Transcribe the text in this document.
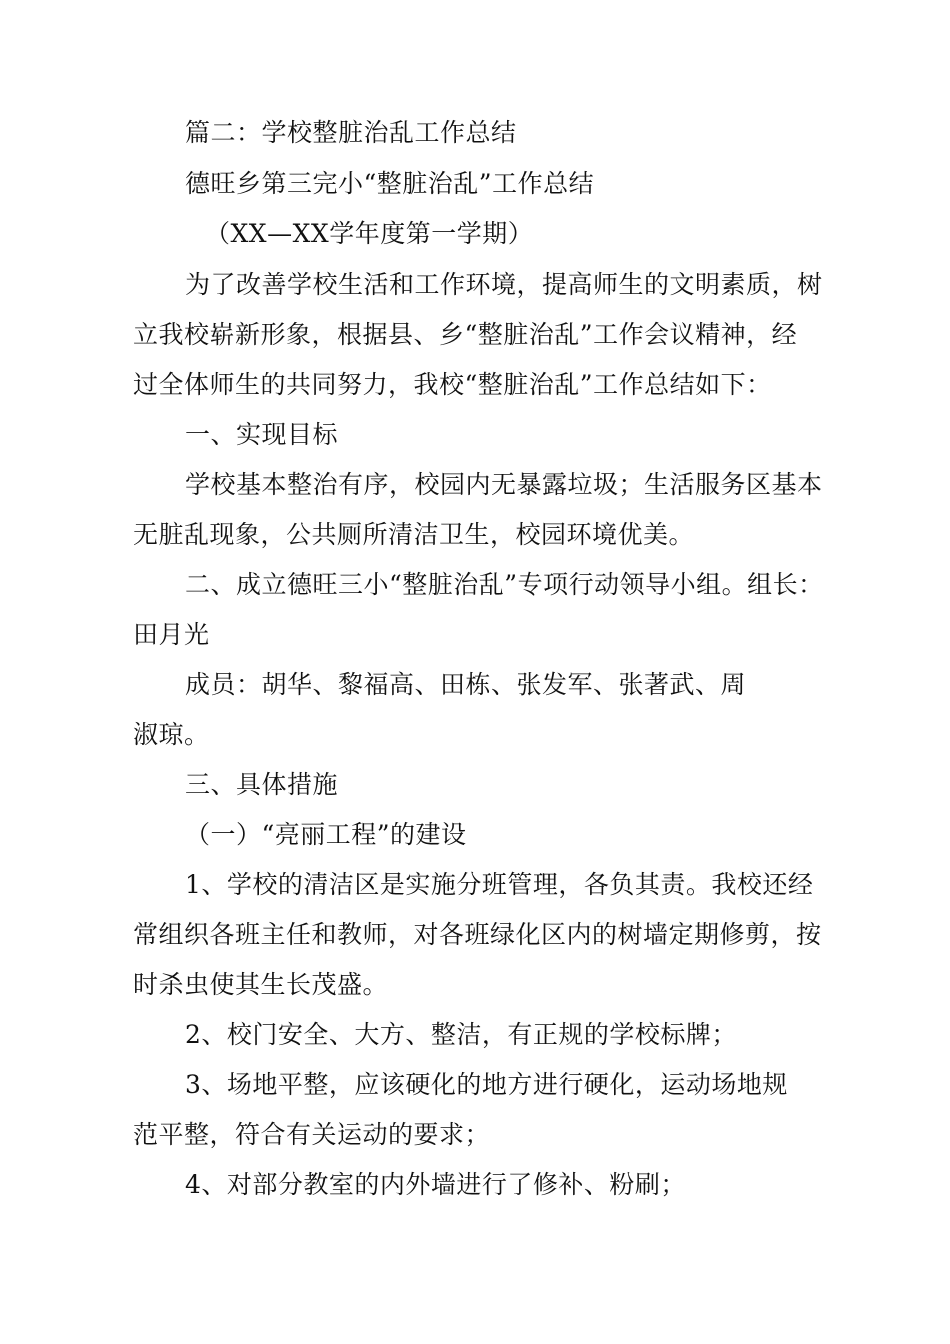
篇二：学校整脏治乱工作总结
德旺乡第三完小“整脏治乱”工作总结
（XX—XX学年度第一学期）
为了改善学校生活和工作环境，提高师生的文明素质，树
立我校崭新形象，根据县、乡“整脏治乱”工作会议精神，经
过全体师生的共同努力，我校“整脏治乱”工作总结如下：
一、实现目标
学校基本整治有序，校园内无暴露垃圾；生活服务区基本
无脏乱现象，公共厕所清洁卫生，校园环境优美。
二、成立德旺三小“整脏治乱”专项行动领导小组。组长：
田月光
成员：胡华、黎福高、田栋、张发军、张著武、周
淑琼。
三、具体措施
（一）“亮丽工程”的建设
1、学校的清洁区是实施分班管理，各负其责。我校还经
常组织各班主任和教师，对各班绿化区内的树墙定期修剪，按
时杀虫使其生长茂盛。
2、校门安全、大方、整洁，有正规的学校标牌；
3、场地平整，应该硬化的地方进行硬化，运动场地规
范平整，符合有关运动的要求；
4、对部分教室的内外墙进行了修补、粉刷；
